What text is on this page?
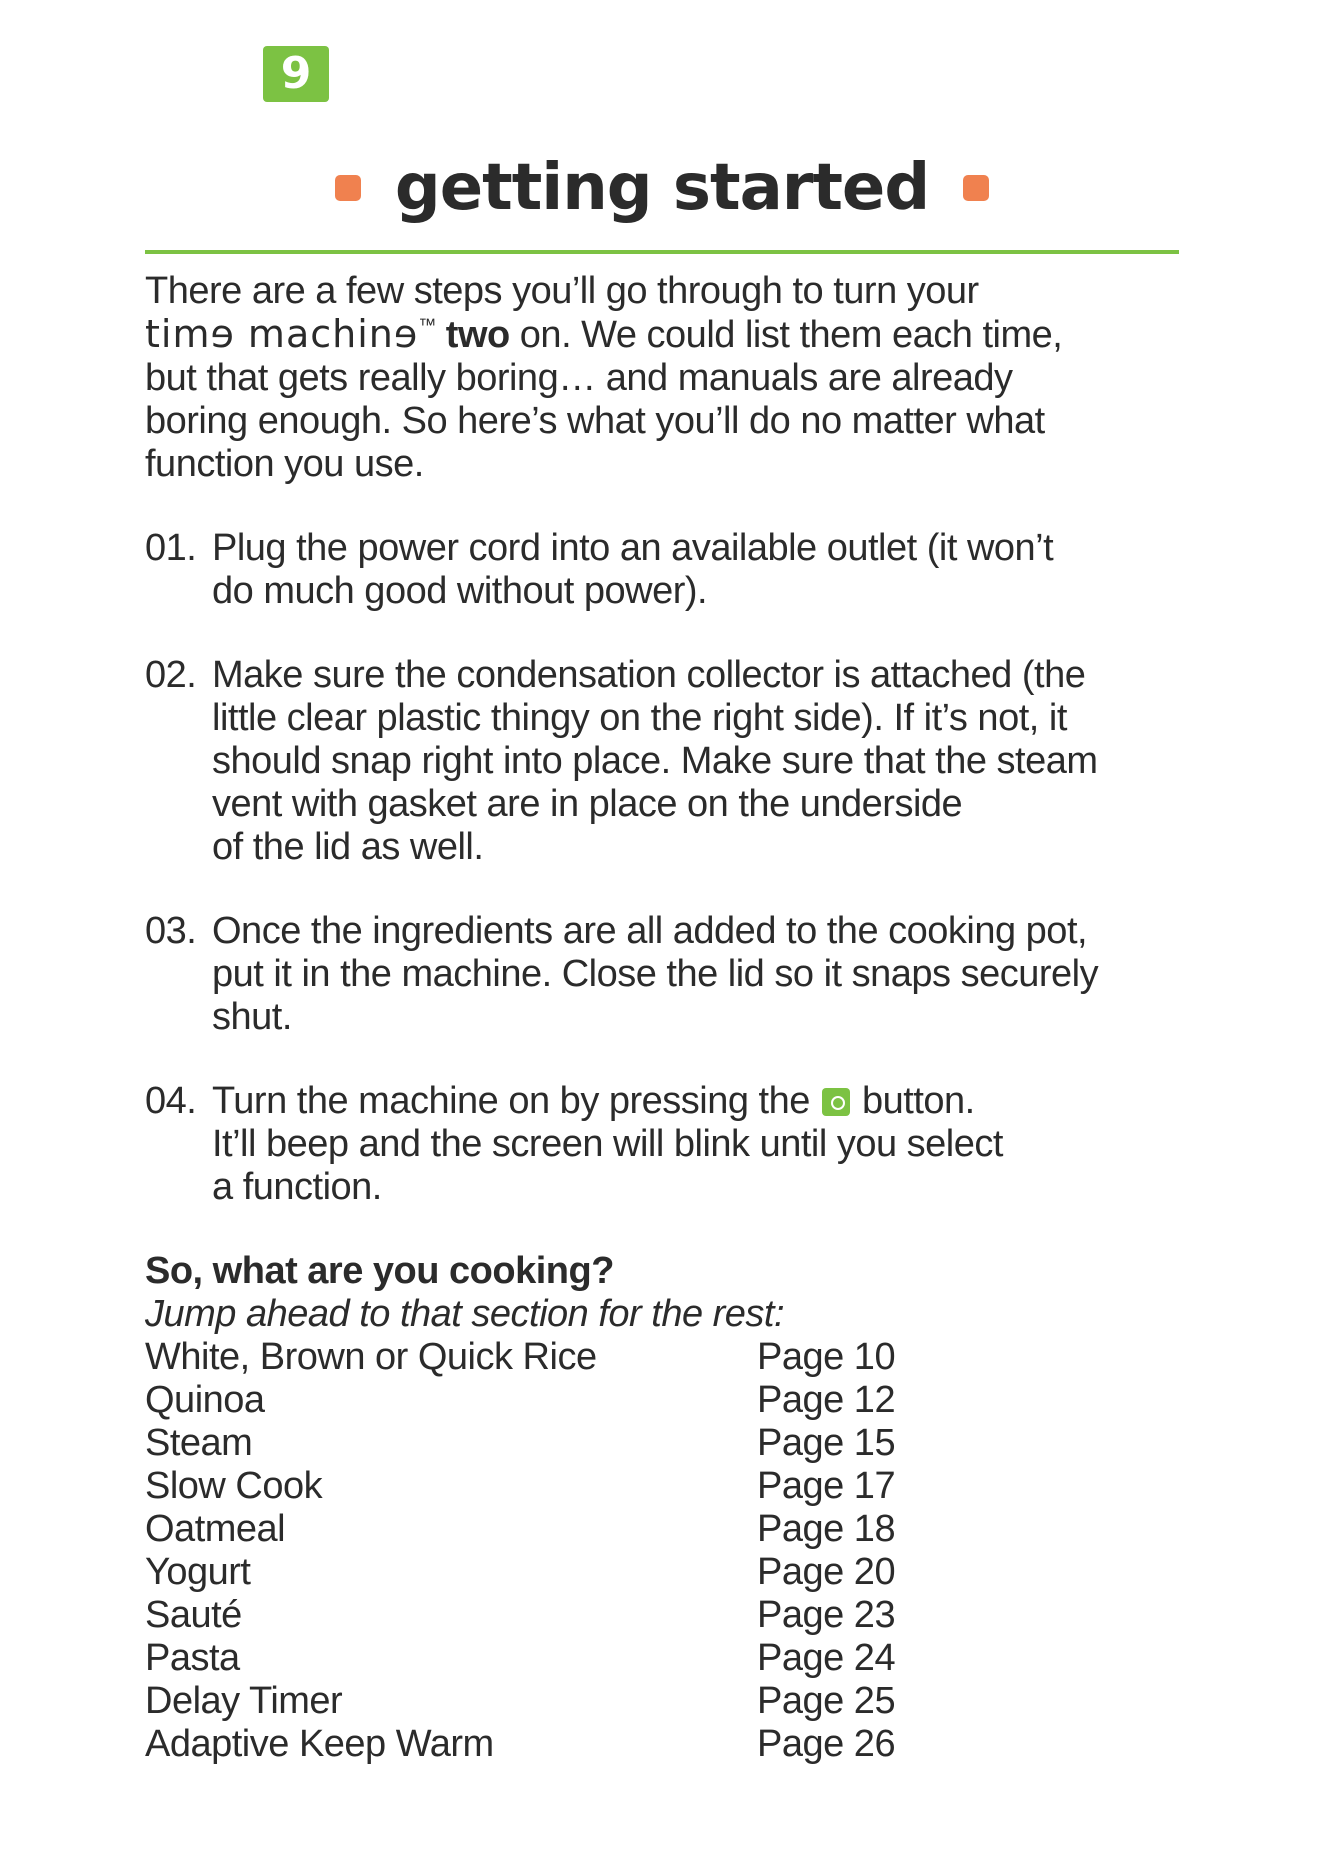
9
getting started

There are a few steps you’ll go through to turn your

timɘ machinɘ™ two on. We could list them each time,

but that gets really boring… and manuals are already

boring enough. So here’s what you’ll do no matter what

function you use.

01. Plug the power cord into an available outlet (it won’t
do much good without power).
02. Make sure the condensation collector is attached (the
little clear plastic thingy on the right side). If it’s not, it
should snap right into place. Make sure that the steam
vent with gasket are in place on the underside
of the lid as well.
03. Once the ingredients are all added to the cooking pot,
put it in the machine. Close the lid so it snaps securely
shut.
04. Turn the machine on by pressing the button.
It’ll beep and the screen will blink until you select
a function.
So, what are you cooking?
Jump ahead to that section for the rest:
White, Brown or Quick Rice	Page 10
Quinoa	Page 12
Steam	Page 15
Slow Cook	Page 17
Oatmeal	Page 18
Yogurt	Page 20
Sauté	Page 23
Pasta	Page 24
Delay Timer	Page 25
Adaptive Keep Warm	Page 26
